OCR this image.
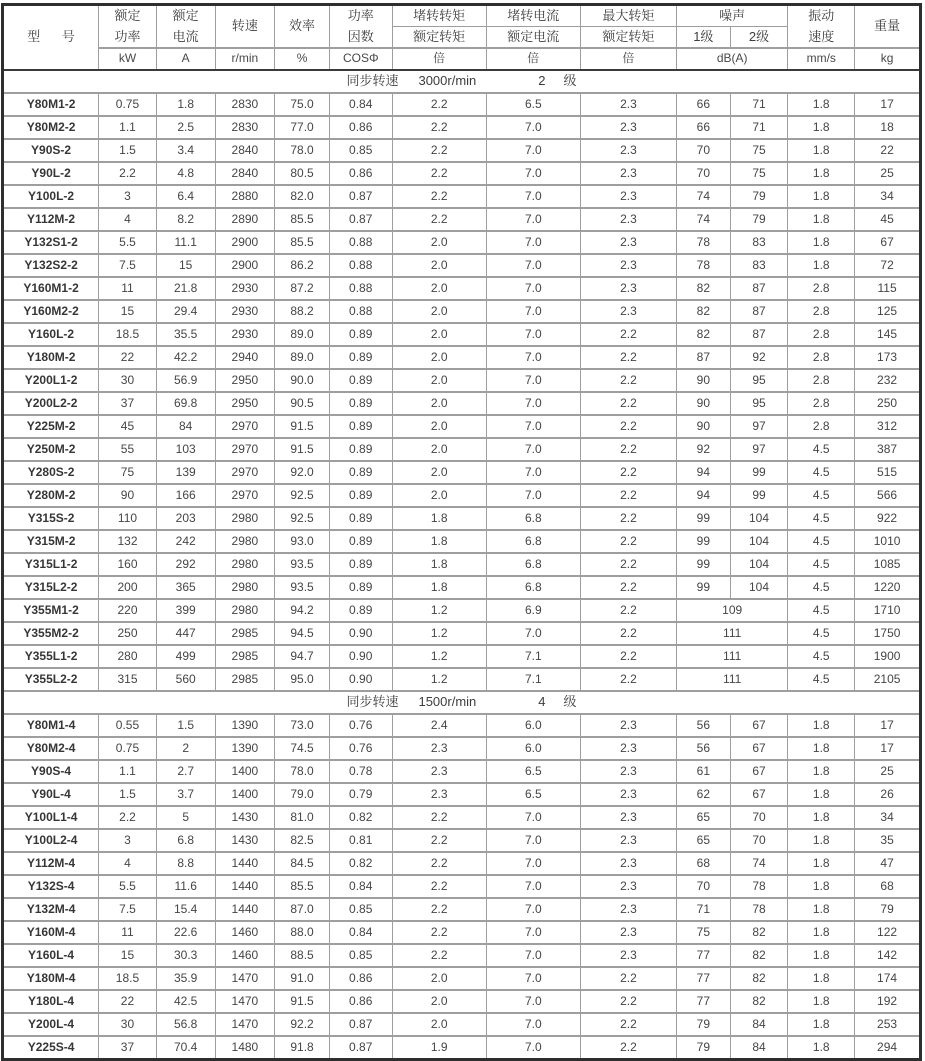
型      号	额定	额定	转速	效率	功率	堵转转矩	堵转电流	最大转矩	噪声		振动	重量
	功率	电流			因数	额定转矩	额定电流	额定转矩	1级	2级	速度	
	kW	A	r/min	%	COSΦ	倍	倍	倍	dB(A)		mm/s	kg
同步转速 3000r/min 2 级												
Y80M1-2	0.75	1.8	2830	75.0	0.84	2.2	6.5	2.3	66	71	1.8	17
Y80M2-2	1.1	2.5	2830	77.0	0.86	2.2	7.0	2.3	66	71	1.8	18
Y90S-2	1.5	3.4	2840	78.0	0.85	2.2	7.0	2.3	70	75	1.8	22
Y90L-2	2.2	4.8	2840	80.5	0.86	2.2	7.0	2.3	70	75	1.8	25
Y100L-2	3	6.4	2880	82.0	0.87	2.2	7.0	2.3	74	79	1.8	34
Y112M-2	4	8.2	2890	85.5	0.87	2.2	7.0	2.3	74	79	1.8	45
Y132S1-2	5.5	11.1	2900	85.5	0.88	2.0	7.0	2.3	78	83	1.8	67
Y132S2-2	7.5	15	2900	86.2	0.88	2.0	7.0	2.3	78	83	1.8	72
Y160M1-2	11	21.8	2930	87.2	0.88	2.0	7.0	2.3	82	87	2.8	115
Y160M2-2	15	29.4	2930	88.2	0.88	2.0	7.0	2.3	82	87	2.8	125
Y160L-2	18.5	35.5	2930	89.0	0.89	2.0	7.0	2.2	82	87	2.8	145
Y180M-2	22	42.2	2940	89.0	0.89	2.0	7.0	2.2	87	92	2.8	173
Y200L1-2	30	56.9	2950	90.0	0.89	2.0	7.0	2.2	90	95	2.8	232
Y200L2-2	37	69.8	2950	90.5	0.89	2.0	7.0	2.2	90	95	2.8	250
Y225M-2	45	84	2970	91.5	0.89	2.0	7.0	2.2	90	97	2.8	312
Y250M-2	55	103	2970	91.5	0.89	2.0	7.0	2.2	92	97	4.5	387
Y280S-2	75	139	2970	92.0	0.89	2.0	7.0	2.2	94	99	4.5	515
Y280M-2	90	166	2970	92.5	0.89	2.0	7.0	2.2	94	99	4.5	566
Y315S-2	110	203	2980	92.5	0.89	1.8	6.8	2.2	99	104	4.5	922
Y315M-2	132	242	2980	93.0	0.89	1.8	6.8	2.2	99	104	4.5	1010
Y315L1-2	160	292	2980	93.5	0.89	1.8	6.8	2.2	99	104	4.5	1085
Y315L2-2	200	365	2980	93.5	0.89	1.8	6.8	2.2	99	104	4.5	1220
Y355M1-2	220	399	2980	94.2	0.89	1.2	6.9	2.2	109		4.5	1710
Y355M2-2	250	447	2985	94.5	0.90	1.2	7.0	2.2	111		4.5	1750
Y355L1-2	280	499	2985	94.7	0.90	1.2	7.1	2.2	111		4.5	1900
Y355L2-2	315	560	2985	95.0	0.90	1.2	7.1	2.2	111		4.5	2105
同步转速 1500r/min 4 级												
Y80M1-4	0.55	1.5	1390	73.0	0.76	2.4	6.0	2.3	56	67	1.8	17
Y80M2-4	0.75	2	1390	74.5	0.76	2.3	6.0	2.3	56	67	1.8	17
Y90S-4	1.1	2.7	1400	78.0	0.78	2.3	6.5	2.3	61	67	1.8	25
Y90L-4	1.5	3.7	1400	79.0	0.79	2.3	6.5	2.3	62	67	1.8	26
Y100L1-4	2.2	5	1430	81.0	0.82	2.2	7.0	2.3	65	70	1.8	34
Y100L2-4	3	6.8	1430	82.5	0.81	2.2	7.0	2.3	65	70	1.8	35
Y112M-4	4	8.8	1440	84.5	0.82	2.2	7.0	2.3	68	74	1.8	47
Y132S-4	5.5	11.6	1440	85.5	0.84	2.2	7.0	2.3	70	78	1.8	68
Y132M-4	7.5	15.4	1440	87.0	0.85	2.2	7.0	2.3	71	78	1.8	79
Y160M-4	11	22.6	1460	88.0	0.84	2.2	7.0	2.3	75	82	1.8	122
Y160L-4	15	30.3	1460	88.5	0.85	2.2	7.0	2.3	77	82	1.8	142
Y180M-4	18.5	35.9	1470	91.0	0.86	2.0	7.0	2.2	77	82	1.8	174
Y180L-4	22	42.5	1470	91.5	0.86	2.0	7.0	2.2	77	82	1.8	192
Y200L-4	30	56.8	1470	92.2	0.87	2.0	7.0	2.2	79	84	1.8	253
Y225S-4	37	70.4	1480	91.8	0.87	1.9	7.0	2.2	79	84	1.8	294
